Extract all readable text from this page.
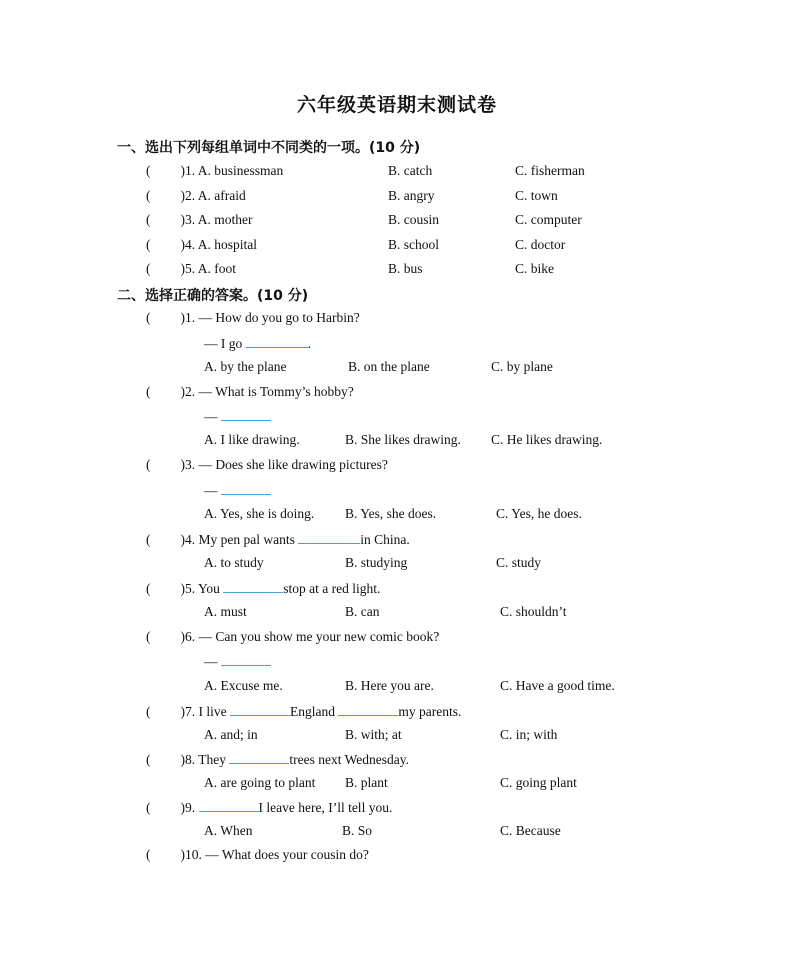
六年级英语期末测试卷
一、选出下列每组单词中不同类的一项。(10 分)
( )1. A. businessman	B. catch	C. fisherman
( )2. A. afraid	B. angry	C. town
( )3. A. mother	B. cousin	C. computer
( )4. A. hospital	B. school	C. doctor
( )5. A. foot	B. bus	C. bike
二、选择正确的答案。(10 分)
( )1. — How do you go to Harbin?
— I go	.
A. by the plane	B. on the plane	C. by plane
( )2. — What is Tommy’s hobby?
—
A. I like drawing.	B. She likes drawing. C. He likes drawing.
( )3. — Does she like drawing pictures?
—
A. Yes, she is doing. B. Yes, she does.	C. Yes, he does.
( )4. My pen pal wants	in China.
A. to study	B. studying	C. study
( )5. You	stop at a red light.
A. must	B. can	C. shouldn’t
( )6. — Can you show me your new comic book?
—
A. Excuse me.	B. Here you are.	C. Have a good time.
( )7. I live	England	my parents.
A. and; in	B. with; at	C. in; with
( )8. They	trees next Wednesday.
A. are going to plant B. plant	C. going plant
( )9.	I leave here, I’ll tell you.
A. When	B. So	C. Because
( )10. — What does your cousin do?
